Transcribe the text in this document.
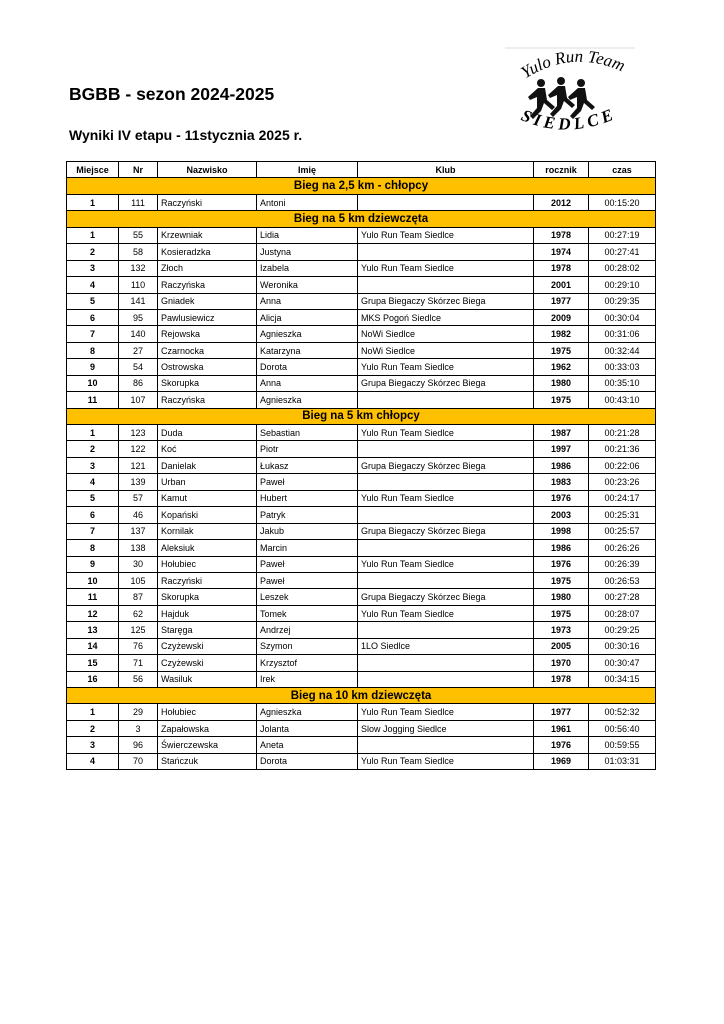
BGBB - sezon 2024-2025
Wyniki IV etapu - 11stycznia 2025 r.
Yulo Run Team
SIEDLCE
Miejsce	Nr	Nazwisko	Imię	Klub	rocznik	czas
Bieg na 2,5 km - chłopcy						
1	111	Raczyński	Antoni		2012	00:15:20
Bieg na 5 km dziewczęta						
1	55	Krzewniak	Lidia	Yulo Run Team Siedlce	1978	00:27:19
2	58	Kosieradzka	Justyna		1974	00:27:41
3	132	Złoch	Izabela	Yulo Run Team Siedlce	1978	00:28:02
4	110	Raczyńska	Weronika		2001	00:29:10
5	141	Gniadek	Anna	Grupa Biegaczy Skórzec Biega	1977	00:29:35
6	95	Pawlusiewicz	Alicja	MKS Pogoń Siedlce	2009	00:30:04
7	140	Rejowska	Agnieszka	NoWi Siedlce	1982	00:31:06
8	27	Czarnocka	Katarzyna	NoWi Siedlce	1975	00:32:44
9	54	Ostrowska	Dorota	Yulo Run Team Siedlce	1962	00:33:03
10	86	Skorupka	Anna	Grupa Biegaczy Skórzec Biega	1980	00:35:10
11	107	Raczyńska	Agnieszka		1975	00:43:10
Bieg na 5 km chłopcy						
1	123	Duda	Sebastian	Yulo Run Team Siedlce	1987	00:21:28
2	122	Koć	Piotr		1997	00:21:36
3	121	Danielak	Łukasz	Grupa Biegaczy Skórzec Biega	1986	00:22:06
4	139	Urban	Paweł		1983	00:23:26
5	57	Kamut	Hubert	Yulo Run Team Siedlce	1976	00:24:17
6	46	Kopański	Patryk		2003	00:25:31
7	137	Kornilak	Jakub	Grupa Biegaczy Skórzec Biega	1998	00:25:57
8	138	Aleksiuk	Marcin		1986	00:26:26
9	30	Hołubiec	Paweł	Yulo Run Team Siedlce	1976	00:26:39
10	105	Raczyński	Paweł		1975	00:26:53
11	87	Skorupka	Leszek	Grupa Biegaczy Skórzec Biega	1980	00:27:28
12	62	Hajduk	Tomek	Yulo Run Team Siedlce	1975	00:28:07
13	125	Staręga	Andrzej		1973	00:29:25
14	76	Czyżewski	Szymon	1LO Siedlce	2005	00:30:16
15	71	Czyżewski	Krzysztof		1970	00:30:47
16	56	Wasiluk	Irek		1978	00:34:15
Bieg na 10 km dziewczęta						
1	29	Hołubiec	Agnieszka	Yulo Run Team Siedlce	1977	00:52:32
2	3	Zapałowska	Jolanta	Slow Jogging Siedlce	1961	00:56:40
3	96	Świerczewska	Aneta		1976	00:59:55
4	70	Stańczuk	Dorota	Yulo Run Team Siedlce	1969	01:03:31
